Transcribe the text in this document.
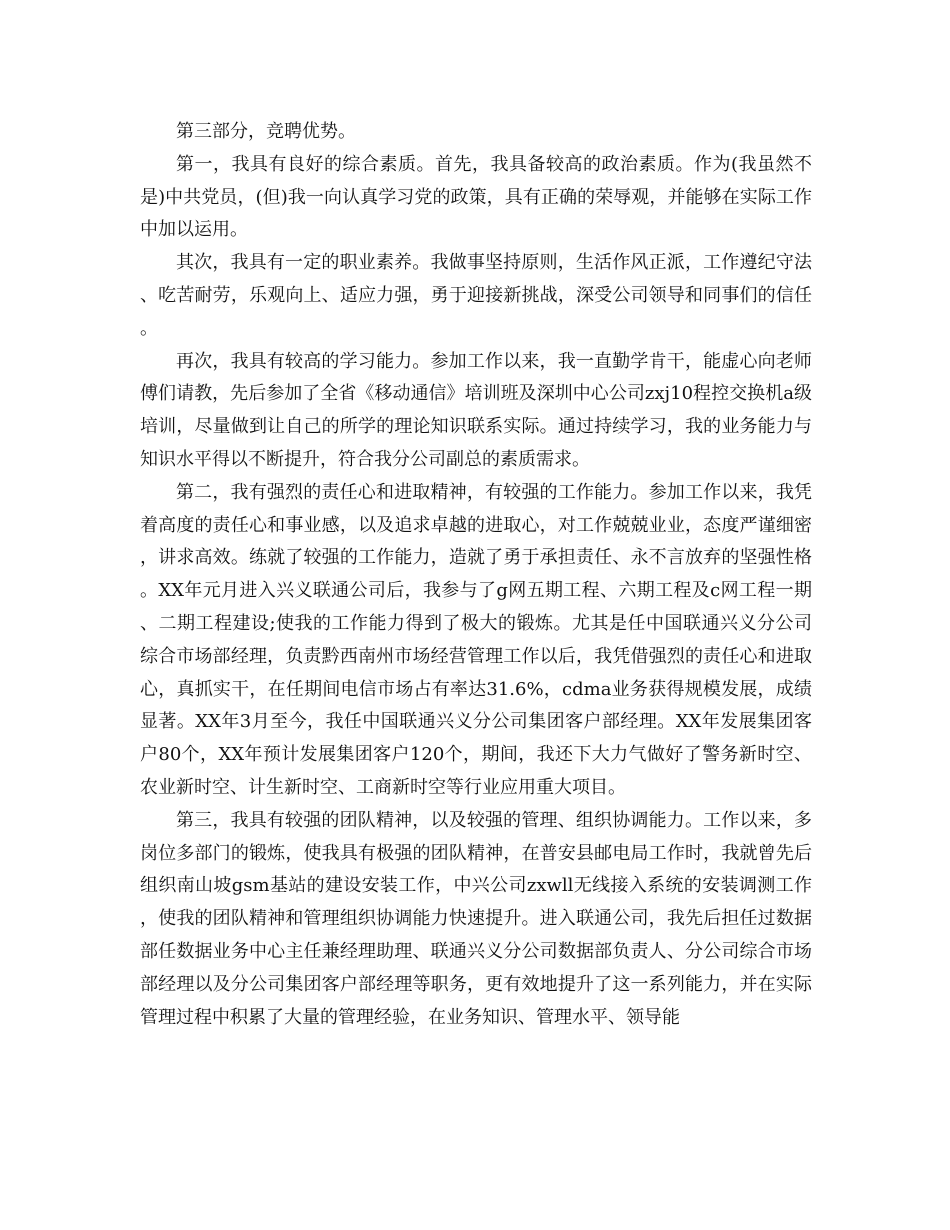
第三部分，竞聘优势。

第一，我具有良好的综合素质。首先，我具备较高的政治素质。作为(我虽然不是)中共党员，(但)我一向认真学习党的政策，具有正确的荣辱观，并能够在实际工作中加以运用。

其次，我具有一定的职业素养。我做事坚持原则，生活作风正派，工作遵纪守法、吃苦耐劳，乐观向上、适应力强，勇于迎接新挑战，深受公司领导和同事们的信任。

再次，我具有较高的学习能力。参加工作以来，我一直勤学肯干，能虚心向老师傅们请教，先后参加了全省《移动通信》培训班及深圳中心公司zxj10程控交换机a级培训，尽量做到让自己的所学的理论知识联系实际。通过持续学习，我的业务能力与知识水平得以不断提升，符合我分公司副总的素质需求。

第二，我有强烈的责任心和进取精神，有较强的工作能力。参加工作以来，我凭着高度的责任心和事业感，以及追求卓越的进取心，对工作兢兢业业，态度严谨细密，讲求高效。练就了较强的工作能力，造就了勇于承担责任、永不言放弃的坚强性格。XX年元月进入兴义联通公司后，我参与了g网五期工程、六期工程及c网工程一期、二期工程建设;使我的工作能力得到了极大的锻炼。尤其是任中国联通兴义分公司综合市场部经理，负责黔西南州市场经营管理工作以后，我凭借强烈的责任心和进取心，真抓实干，在任期间电信市场占有率达31.6%，cdma业务获得规模发展，成绩显著。XX年3月至今，我任中国联通兴义分公司集团客户部经理。XX年发展集团客户80个，XX年预计发展集团客户120个，期间，我还下大力气做好了警务新时空、农业新时空、计生新时空、工商新时空等行业应用重大项目。

第三，我具有较强的团队精神，以及较强的管理、组织协调能力。工作以来，多岗位多部门的锻炼，使我具有极强的团队精神，在普安县邮电局工作时，我就曾先后组织南山坡gsm基站的建设安装工作，中兴公司zxwll无线接入系统的安装调测工作，使我的团队精神和管理组织协调能力快速提升。进入联通公司，我先后担任过数据部任数据业务中心主任兼经理助理、联通兴义分公司数据部负责人、分公司综合市场部经理以及分公司集团客户部经理等职务，更有效地提升了这一系列能力，并在实际管理过程中积累了大量的管理经验，在业务知识、管理水平、领导能
